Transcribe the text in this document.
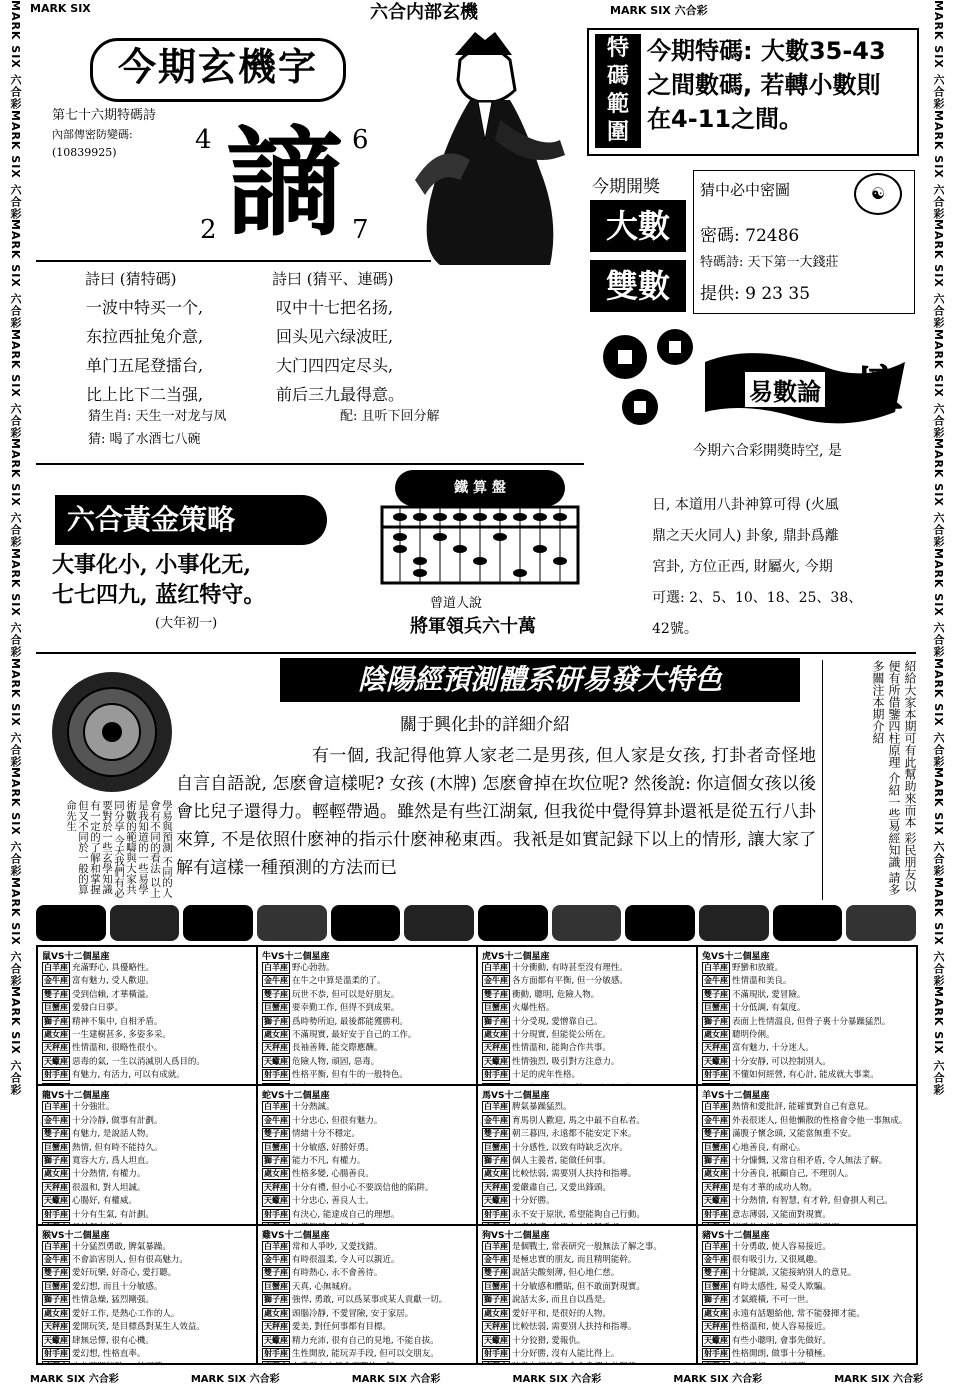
MARK SIX 六合彩
MARK SIX 六合彩
MARK SIX 六合彩
MARK SIX 六合彩
MARK SIX 六合彩
MARK SIX 六合彩
MARK SIX 六合彩
MARK SIX 六合彩
MARK SIX 六合彩
MARK SIX 六合彩
MARK SIX 六合彩
MARK SIX 六合彩
MARK SIX 六合彩
MARK SIX 六合彩
MARK SIX 六合彩
MARK SIX 六合彩
MARK SIX 六合彩
MARK SIX 六合彩
MARK SIX 六合彩
MARK SIX 六合彩
MARK SIX	六合内部玄機	MARK SIX 六合彩
今期玄機字
第七十六期特碼詩
內部傳密防變碼:
(10839925)	4	6
2	7
謫
詩曰 (猜特碼)	詩曰 (猜平、連碼)
一波中特买一个,
东拉西扯兔介意,
单门五尾登擂台,
比上比下二当强,
叹中十七把名扬,
回头见六绿波旺,
大门四四定尽头,
前后三九最得意。
猜生肖: 天生一对龙与凤	配: 且听下回分解
猜: 喝了水酒七八碗
特
碼
範
圍
今期特碼: 大數35-43
之間數碼, 若轉小數則
在4-11之間。
今期開獎
大數
雙數
猜中必中密圖	☯
密碼: 72486
特碼詩: 天下第一大錢莊
提供: 9 23 35
易數論 壇
今期六合彩開獎時空, 是
日, 本道用八卦神算可得 (火風
鼎之天火同人) 卦象, 鼎卦爲離
宮卦, 方位正西, 財屬火, 今期
可選: 2、5、10、18、25、38、
42號。
六合黃金策略
大事化小, 小事化无,
七七四九, 蓝红特守。
(大年初一)
鐵 算 盤
曾道人說
將軍領兵六十萬
陰陽經預測體系研易發大特色
關于興化卦的詳細介紹
有一個, 我記得他算人家老二是男孩, 但人家是女孩, 打卦者奇怪地自言自語說, 怎麽會這樣呢? 女孩 (木牌) 怎麽會掉在坎位呢? 然後說: 你這個女孩以後會比兒子還得力。輕輕帶過。雖然是有些江湖氣, 但我從中覺得算卦還衹是從五行八卦來算, 不是依照什麽神的指示什麽神秘東西。我衹是如實記録下以上的情形, 讓大家了解有這樣一種預測的方法而已
學易與預測 不同的人會有不同的看法 以上是我知道的一些易學術數的範疇與大家共同分享 今天我們有必要對於一些玄學知識有一定的了解和掌握 但又不同於一般的算命先生	紹給大家本期可有此幫助來而本 彩民朋友以便有所借鑒四柱原理 介紹一些易經知識 請多多關注本期介紹
鼠VS十二個星座
白羊座 充滿野心, 具優略性。
金牛座 富有魅力, 受人歡迎。
雙子座 受到信賴, 才華橫溢。
巨蟹座 愛發白日夢。
獅子座 精神不集中, 自相矛盾。
處女座 一生建樹甚多, 多姿多采。
天秤座 性情溫和, 很略性很小。
天蠍座 惡毒的氣, 一生以消滅別人爲目的。
射手座 有魅力, 有活力, 可以有成就。
牛VS十二個星座
白羊座 野心勃勃。
金牛座 在牛之中算是溫柔的了。
雙子座 玩世不恭, 但可以是好朋友。
巨蟹座 要幸勤工作, 但得不到成果。
獅子座 爲時勢所迫, 最後都能獲勝利。
處女座 不滿現實, 最好安于自己的工作。
天秤座 長袖善舞, 能交際應酬。
天蠍座 危險人物, 頑固, 惡毒。
射手座 性格平衡, 但有牛的一般特色。
虎VS十二個星座
白羊座 十分衝動, 有時甚至沒有理性。
金牛座 各方面都有平衡, 但一分敏感。
雙子座 衝動, 聰明, 危險人物。
巨蟹座 火爆性格。
獅子座 十分受現, 愛憎靠自己。
處女座 十分現實, 但能從公所在。
天秤座 性情溫和, 能夠合作共事。
天蠍座 性情強烈, 吸引對方注意力。
射手座 十足的虎年性格。
兔VS十二個星座
白羊座 野蠻和放縱。
金牛座 性情溫和美良。
雙子座 不滿現狀, 愛冒險。
巨蟹座 十分低調, 有氣度。
獅子座 表面上性情溫良, 但骨子裏十分暴躁猛烈。
處女座 聰明伶俐。
天秤座 富有魅力, 十分迷人。
天蠍座 十分安靜, 可以控制別人。
射手座 不懂如何經營, 有心計, 能成就大事業。
龍VS十二個星座
白羊座 十分強壯。
金牛座 十分冷靜, 做事有計劃。
雙子座 有魅力, 是說話人物。
巨蟹座 熱情, 但有時不能持久。
獅子座 寬容大方, 爲人坦直。
處女座 十分熱情, 有權力。
天秤座 很溫和, 對人坦誠。
天蠍座 心腸好, 有權威。
射手座 十分有生氣, 有計劃。
蛇VS十二個星座
白羊座 十分熱誠。
金牛座 十分忠心, 但很有魅力。
雙子座 情緒十分不穩定。
巨蟹座 十分敏感, 好勝好勇。
獅子座 能力不凡, 有權力。
處女座 性格多變, 心腸善良。
天秤座 十分有禮, 但小心不要誤信他的陷阱。
天蠍座 十分忠心, 善良人士。
射手座 有決心, 能達成自己的理想。
馬VS十二個星座
白羊座 脾氣暴躁猛烈。
金牛座 育馬別人歡迎, 馬之中最不自私者。
雙子座 朝三暮四, 永遠都不能安定下來。
巨蟹座 十分感性, 以致有時缺乏次序。
獅子座 個人主義者, 能做任何事。
處女座 比較怯弱, 需要別人扶持和指導。
天秤座 愛嚴肅自己, 又愛出鋒頭。
天蠍座 十分好勝。
射手座 永不安于原狀, 希望能夠自己行動。
羊VS十二個星座
白羊座 熱情和愛批評, 能確實對自己有意見。
金牛座 外表很迷人, 但他懶散的性格會令他一事無成。
雙子座 滿腹子懷念頭, 又能當無重不安。
巨蟹座 心地善良, 有耐心。
獅子座 十分慷慨, 又常自相矛盾, 令人無法了解。
處女座 十分善良, 祇顧自己, 不理別人。
天秤座 是有才華的成功人物。
天蠍座 十分熱情, 有智慧, 有才幹, 但會損人利己。
射手座 意志薄弱, 又能面對現實。
猴VS十二個星座
白羊座 十分猛烈勇敢, 脾氣暴躁。
金牛座 不會諂害別人, 但有很高魅力。
雙子座 愛好玩樂, 好奇心, 愛打聽。
巨蟹座 愛幻想, 而且十分敏感。
獅子座 性情急燥, 猛烈剛强。
處女座 愛好工作, 是熱心工作的人。
天秤座 愛開玩笑, 是目標爲對某生人效益。
天蠍座 肆無忌憚, 很有心機。
射手座 愛幻想, 性格直率。
雞VS十二個星座
白羊座 常和人爭吵, 又愛找錯。
金牛座 有時很溫柔, 令人可以親近。
雙子座 有時熱心, 永不會善待。
巨蟹座 天真, 心無城府。
獅子座 強悍, 勇敢, 可以爲某事或某人貢獻一切。
處女座 頭腦冷靜, 不愛冒險, 安于家居。
天秤座 愛美, 對任何事都有目標。
天蠍座 精力充沛, 很有自己的見地, 不能自拔。
射手座 生性開放, 能玩弄手段, 但可以交朋友。
狗VS十二個星座
白羊座 是個戰士, 常表研究一般無法了解之事。
金牛座 是極忠實的朋友, 而且精明能幹。
雙子座 說話尖酸刻薄, 但心地仁慈。
巨蟹座 十分敏感和體貼, 但不敢面對現實。
獅子座 說話太多, 而且自以爲是。
處女座 愛好平和, 是很好的人物。
天秤座 比較怯弱, 需要別人扶持和指導。
天蠍座 十分狡猾, 愛報仇。
射手座 十分好勝, 沒有人能比得上。
豬VS十二個星座
白羊座 十分勇敢, 使人容易接近。
金牛座 很有吸引力, 又很風趣。
雙子座 十分健談, 又能接納別人的意見。
巨蟹座 有時太感性, 易受人欺騙。
獅子座 才氣縱橫, 不可一世。
處女座 永遠有話題給他, 常不能發揮才能。
天秤座 性格溫和, 使人容易接近。
天蠍座 有些小聰明, 會事先做好。
射手座 性格開朗, 做事十分積極。
MARK SIX 六合彩	MARK SIX 六合彩	MARK SIX 六合彩	MARK SIX 六合彩	MARK SIX 六合彩	MARK SIX 六合彩
